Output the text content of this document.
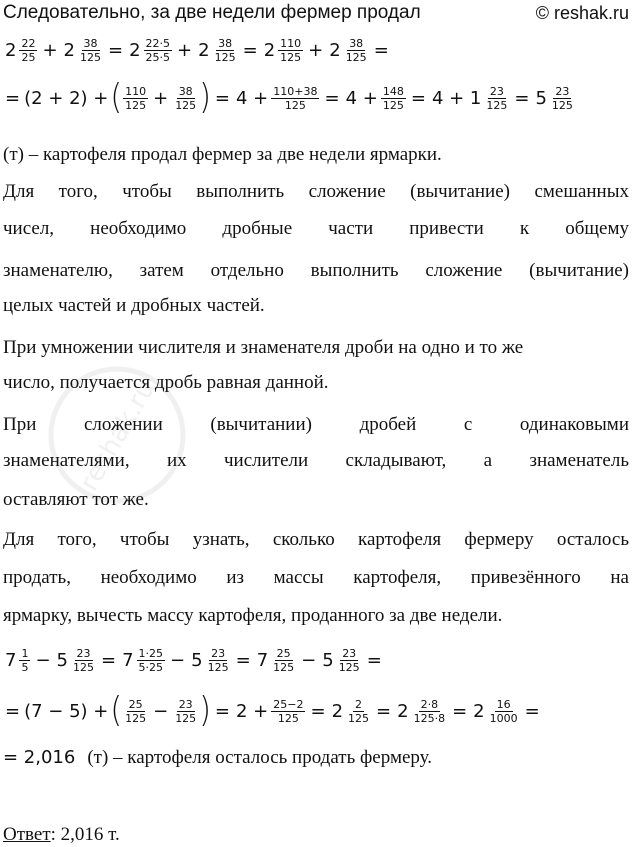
reshak.ru
Следовательно, за две недели фермер продал	© reshak.ru
$2 \frac{22}{25} + 2 \frac{38}{125} = 2 \frac{22\cdot 5}{25\cdot 5} + 2 \frac{38}{125} = 2 \frac{110}{125} + 2 \frac{38}{125}$ =
= (2 + 2) + ( $\frac{110}{125} + \frac{38}{125}$ ) = $4 + \frac{110+38}{125} = 4 + \frac{148}{125} = 4 + 1 \frac{23}{125} = 5 \frac{23}{125}$
(т) – картофеля продал фермер за две недели ярмарки.
Для того, чтобы выполнить сложение (вычитание) смешанных
чисел, необходимо дробные части привести к общему
знаменателю, затем отдельно выполнить сложение (вычитание)
целых частей и дробных частей.
При умножении числителя и знаменателя дроби на одно и то же
число, получается дробь равная данной.
При сложении (вычитании) дробей с одинаковыми
знаменателями, их числители складывают, а знаменатель
оставляют тот же.
Для того, чтобы узнать, сколько картофеля фермеру осталось
продать, необходимо из массы картофеля, привезённого на
ярмарку, вычесть массу картофеля, проданного за две недели.
$7 \frac{1}{5} - 5 \frac{23}{125} = 7 \frac{1\cdot 25}{5\cdot 25} - 5 \frac{23}{125} = 7 \frac{25}{125} - 5 \frac{23}{125}$ =
= (7 − 5) + ( $\frac{25}{125} - \frac{23}{125}$ ) = $2 + \frac{25-2}{125} = 2 \frac{2}{125} = 2 \frac{2\cdot 8}{125\cdot 8} = 2 \frac{16}{1000}$ =
= 2,016 (т) – картофеля осталось продать фермеру.
Ответ: 2,016 т.
